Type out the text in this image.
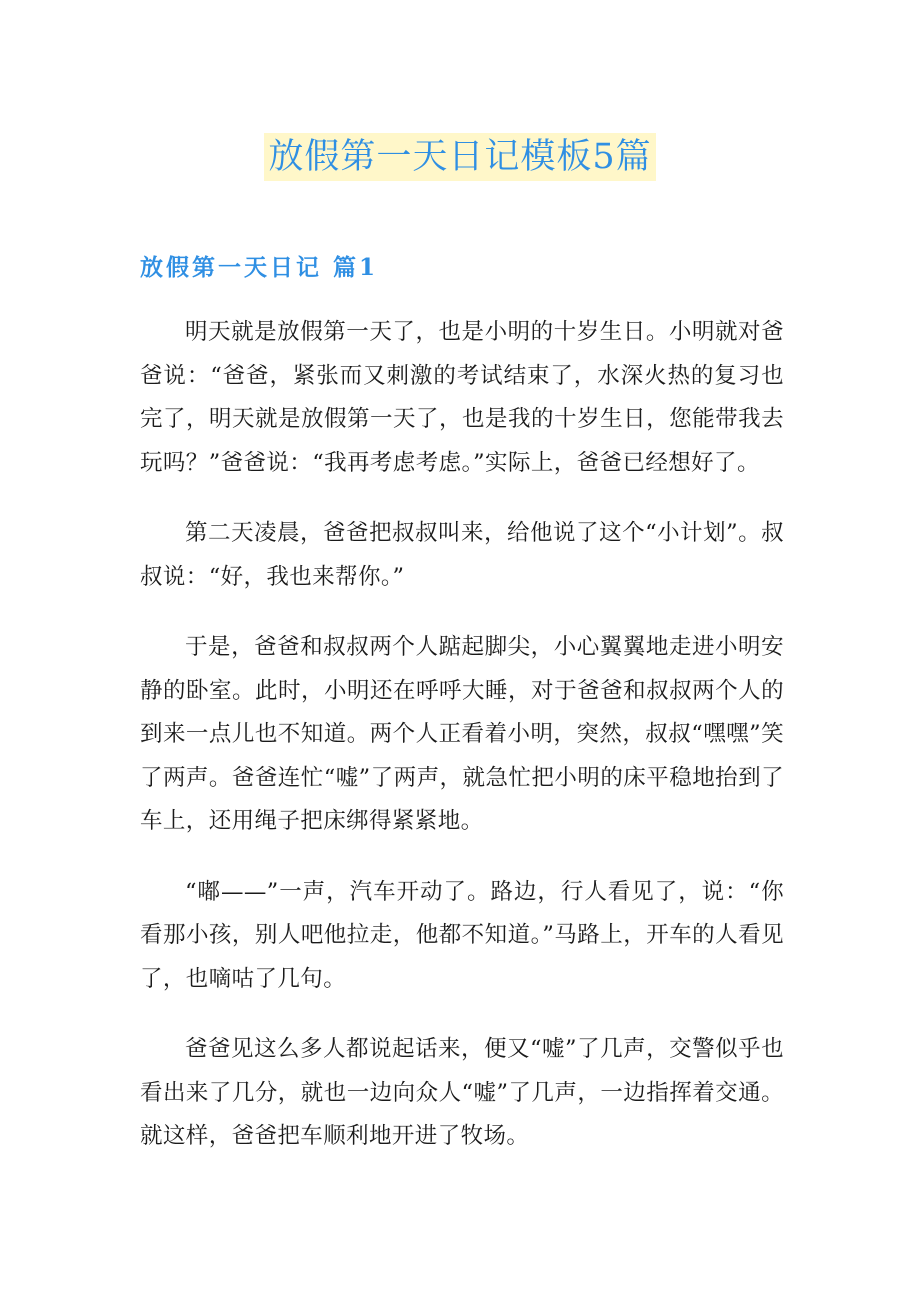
放假第一天日记模板5篇
放假第一天日记 篇1

明天就是放假第一天了，也是小明的十岁生日。小明就对爸爸说：“爸爸，紧张而又刺激的考试结束了，水深火热的复习也完了，明天就是放假第一天了，也是我的十岁生日，您能带我去玩吗？”爸爸说：“我再考虑考虑。”实际上，爸爸已经想好了。

第二天凌晨，爸爸把叔叔叫来，给他说了这个“小计划”。叔叔说：“好，我也来帮你。”

于是，爸爸和叔叔两个人踮起脚尖，小心翼翼地走进小明安静的卧室。此时，小明还在呼呼大睡，对于爸爸和叔叔两个人的到来一点儿也不知道。两个人正看着小明，突然，叔叔“嘿嘿”笑了两声。爸爸连忙“嘘”了两声，就急忙把小明的床平稳地抬到了车上，还用绳子把床绑得紧紧地。

“嘟——”一声，汽车开动了。路边，行人看见了，说：“你看那小孩，别人吧他拉走，他都不知道。”马路上，开车的人看见了，也嘀咕了几句。

爸爸见这么多人都说起话来，便又“嘘”了几声，交警似乎也看出来了几分，就也一边向众人“嘘”了几声，一边指挥着交通。就这样，爸爸把车顺利地开进了牧场。
